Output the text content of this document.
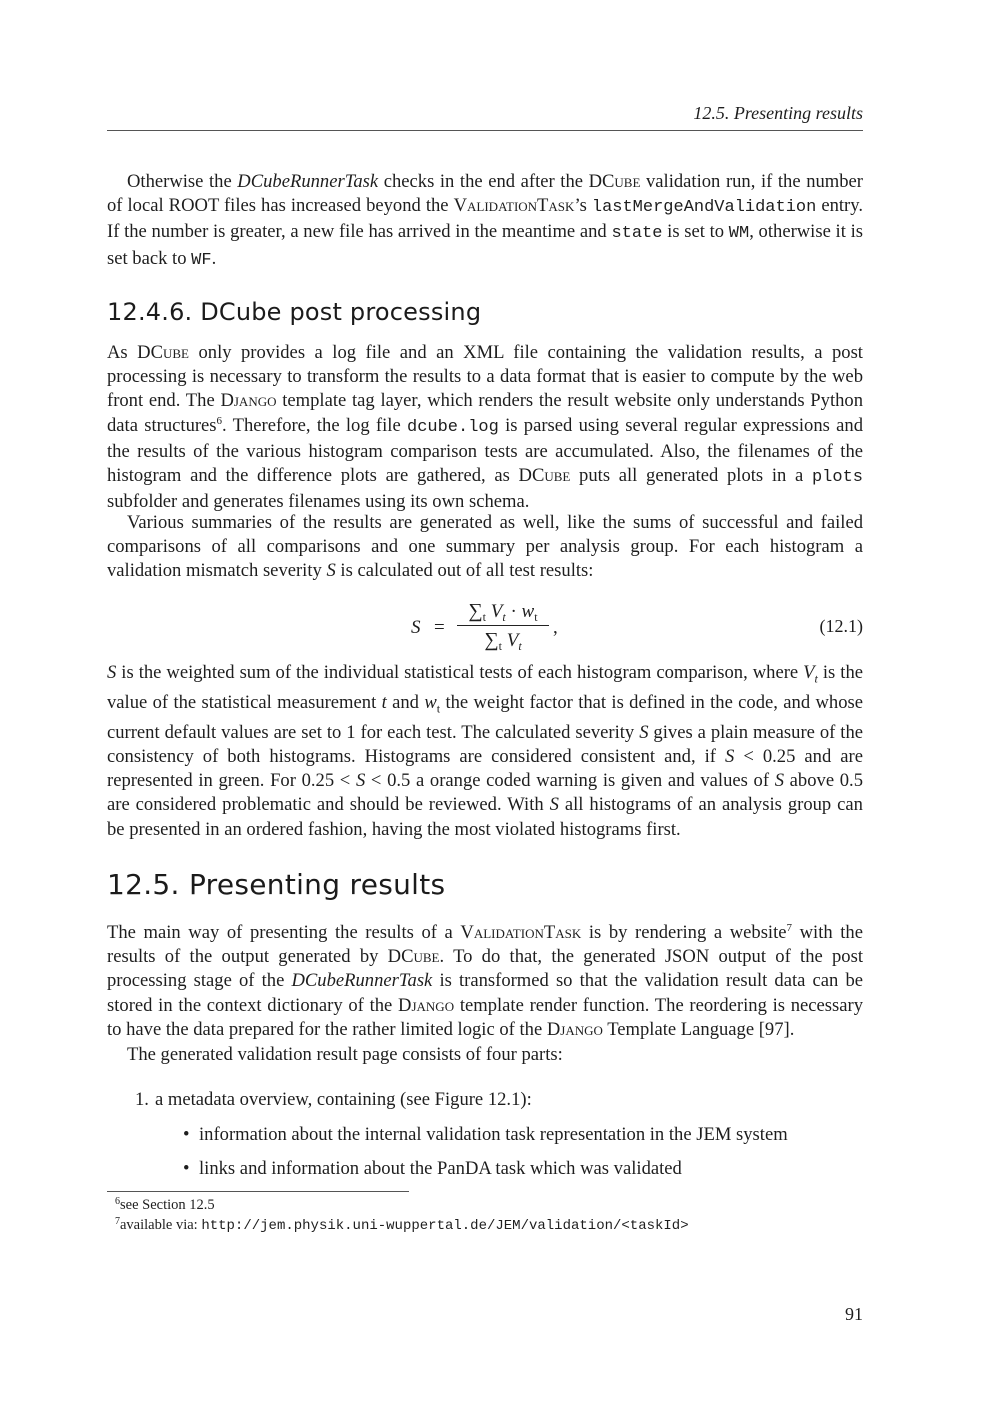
12.5. Presenting results

Otherwise the DCubeRunnerTask checks in the end after the DCube validation run, if the number of local ROOT files has increased beyond the ValidationTask’s lastMergeAndValidation entry. If the number is greater, a new file has arrived in the meantime and state is set to WM, otherwise it is set back to WF.

12.4.6. DCube post processing

As DCube only provides a log file and an XML file containing the validation results, a post processing is necessary to transform the results to a data format that is easier to compute by the web front end. The Django template tag layer, which renders the result website only understands Python data structures$^6$. Therefore, the log file dcube.log is parsed using several regular expressions and the results of the various histogram comparison tests are accumulated. Also, the filenames of the histogram and the difference plots are gathered, as DCube puts all generated plots in a plots subfolder and generates filenames using its own schema.

Various summaries of the results are generated as well, like the sums of successful and failed comparisons of all comparisons and one summary per analysis group. For each histogram a validation mismatch severity S is calculated out of all test results:

S =
$\sum_t$ $V_t \cdot w_t$
$\sum_t$ $V_t$
,	(12.1)

S is the weighted sum of the individual statistical tests of each histogram comparison, where $V_t$ is the value of the statistical measurement t and $w_t$ the weight factor that is defined in the code, and whose current default values are set to 1 for each test. The calculated severity S gives a plain measure of the consistency of both histograms. Histograms are considered consistent and, if S < 0.25 and are represented in green. For 0.25 < S < 0.5 a orange coded warning is given and values of S above 0.5 are considered problematic and should be reviewed. With S all histograms of an analysis group can be presented in an ordered fashion, having the most violated histograms first.

12.5. Presenting results

The main way of presenting the results of a ValidationTask is by rendering a website$^7$ with the results of the output generated by DCube. To do that, the generated JSON output of the post processing stage of the DCubeRunnerTask is transformed so that the validation result data can be stored in the context dictionary of the Django template render function. The reordering is necessary to have the data prepared for the rather limited logic of the Django Template Language [97].

The generated validation result page consists of four parts:

1. a metadata overview, containing (see Figure 12.1):
• information about the internal validation task representation in the JEM system
• links and information about the PanDA task which was validated
$^6$see Section 12.5
$^7$available via: http://jem.physik.uni-wuppertal.de/JEM/validation/<taskId>
91
